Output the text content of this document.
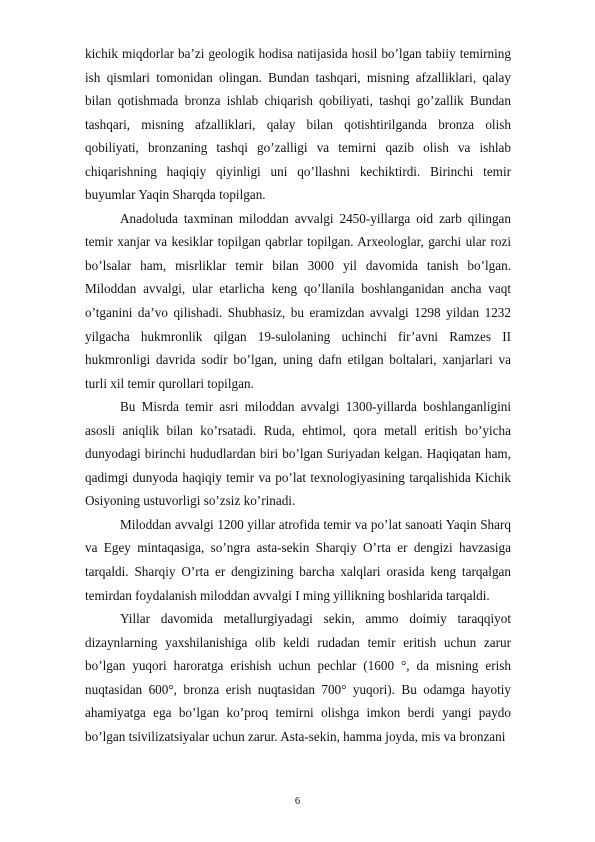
kichik miqdorlar ba’zi geologik hodisa natijasida hosil bo’lgan tabiiy temirning ish qismlari tomonidan olingan. Bundan tashqari, misning afzalliklari, qalay bilan qotishmada bronza ishlab chiqarish qobiliyati, tashqi go’zallik Bundan tashqari, misning afzalliklari, qalay bilan qotishtirilganda bronza olish qobiliyati, bronzaning tashqi go’zalligi va temirni qazib olish va ishlab chiqarishning haqiqiy qiyinligi uni qo’llashni kechiktirdi. Birinchi temir buyumlar Yaqin Sharqda topilgan.

Anadoluda taxminan miloddan avvalgi 2450-yillarga oid zarb qilingan temir xanjar va kesiklar topilgan qabrlar topilgan. Arxeologlar, garchi ular rozi bo’lsalar ham, misrliklar temir bilan 3000 yil davomida tanish bo’lgan. Miloddan avvalgi, ular etarlicha keng qo’llanila boshlanganidan ancha vaqt o’tganini da’vo qilishadi. Shubhasiz, bu eramizdan avvalgi 1298 yildan 1232 yilgacha hukmronlik qilgan 19-sulolaning uchinchi fir’avni Ramzes II hukmronligi davrida sodir bo’lgan, uning dafn etilgan boltalari, xanjarlari va turli xil temir qurollari topilgan.

Bu Misrda temir asri miloddan avvalgi 1300-yillarda boshlanganligini asosli aniqlik bilan ko’rsatadi. Ruda, ehtimol, qora metall eritish bo’yicha dunyodagi birinchi hududlardan biri bo’lgan Suriyadan kelgan. Haqiqatan ham, qadimgi dunyoda haqiqiy temir va po’lat texnologiyasining tarqalishida Kichik Osiyoning ustuvorligi so’zsiz ko’rinadi.

Miloddan avvalgi 1200 yillar atrofida temir va po’lat sanoati Yaqin Sharq va Egey mintaqasiga, so’ngra asta-sekin Sharqiy O’rta er dengizi havzasiga tarqaldi. Sharqiy O’rta er dengizining barcha xalqlari orasida keng tarqalgan temirdan foydalanish miloddan avvalgi I ming yillikning boshlarida tarqaldi.

Yillar davomida metallurgiyadagi sekin, ammo doimiy taraqqiyot dizaynlarning yaxshilanishiga olib keldi rudadan temir eritish uchun zarur bo’lgan yuqori haroratga erishish uchun pechlar (1600 °, da misning erish nuqtasidan 600°, bronza erish nuqtasidan 700° yuqori). Bu odamga hayotiy ahamiyatga ega bo’lgan ko’proq temirni olishga imkon berdi yangi paydo bo’lgan tsivilizatsiyalar uchun zarur. Asta-sekin, hamma joyda, mis va bronzani

6
